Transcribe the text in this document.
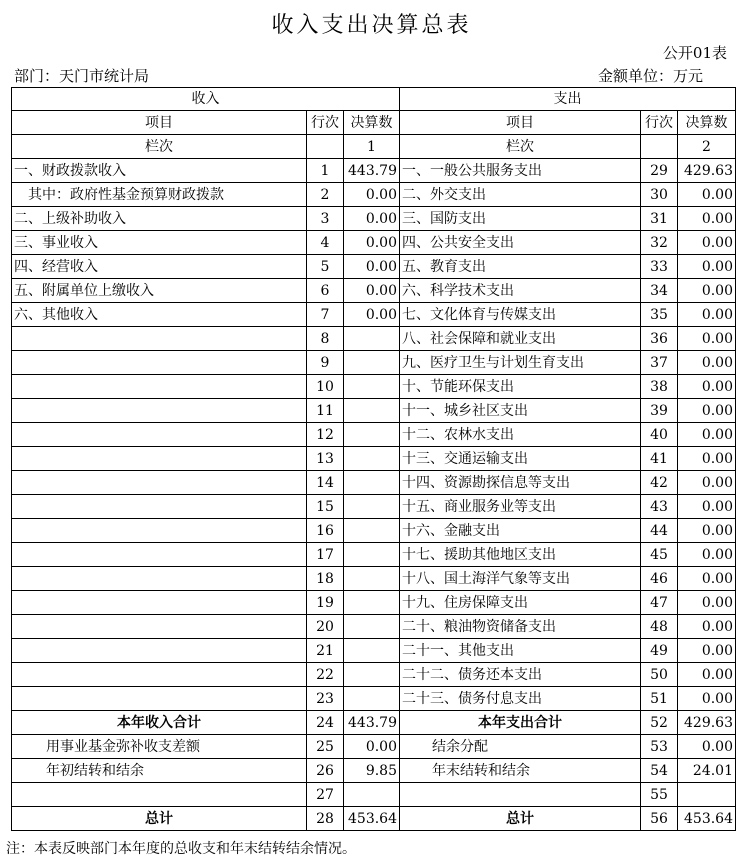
收入支出决算总表
公开01表
部门：天门市统计局	金额单位：万元
收入			支出		
项目	行次	决算数	项目	行次	决算数
栏次		1	栏次		2
一、财政拨款收入	1	443.79	一、一般公共服务支出	29	429.63
　其中：政府性基金预算财政拨款	2	0.00	二、外交支出	30	0.00
二、上级补助收入	3	0.00	三、国防支出	31	0.00
三、事业收入	4	0.00	四、公共安全支出	32	0.00
四、经营收入	5	0.00	五、教育支出	33	0.00
五、附属单位上缴收入	6	0.00	六、科学技术支出	34	0.00
六、其他收入	7	0.00	七、文化体育与传媒支出	35	0.00
	8		八、社会保障和就业支出	36	0.00
	9		九、医疗卫生与计划生育支出	37	0.00
	10		十、节能环保支出	38	0.00
	11		十一、城乡社区支出	39	0.00
	12		十二、农林水支出	40	0.00
	13		十三、交通运输支出	41	0.00
	14		十四、资源勘探信息等支出	42	0.00
	15		十五、商业服务业等支出	43	0.00
	16		十六、金融支出	44	0.00
	17		十七、援助其他地区支出	45	0.00
	18		十八、国土海洋气象等支出	46	0.00
	19		十九、住房保障支出	47	0.00
	20		二十、粮油物资储备支出	48	0.00
	21		二十一、其他支出	49	0.00
	22		二十二、债务还本支出	50	0.00
	23		二十三、债务付息支出	51	0.00
本年收入合计	24	443.79	本年支出合计	52	429.63
用事业基金弥补收支差额	25	0.00	结余分配	53	0.00
年初结转和结余	26	9.85	年末结转和结余	54	24.01
	27			55	
总计	28	453.64	总计	56	453.64
注：本表反映部门本年度的总收支和年末结转结余情况。
